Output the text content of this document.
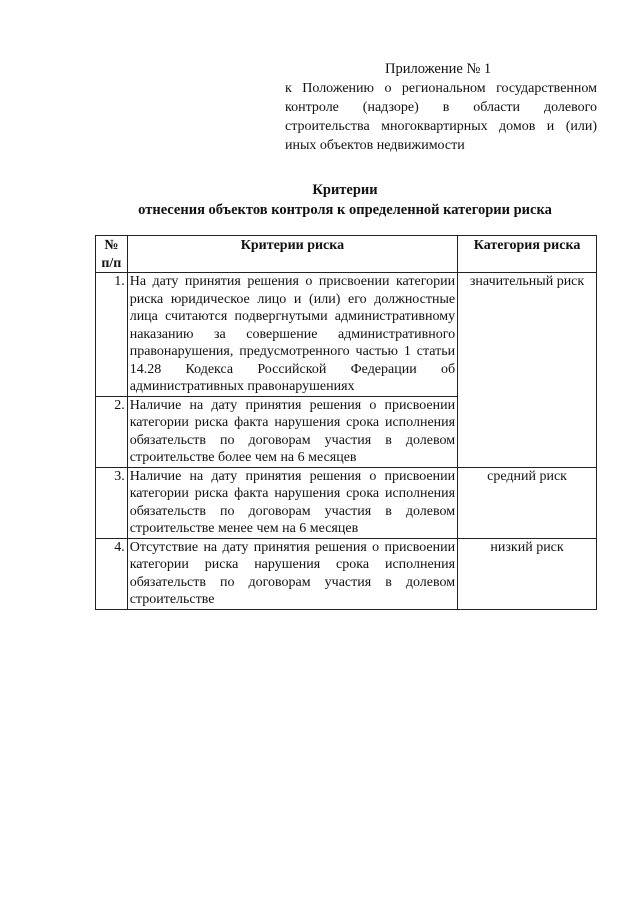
Приложение № 1
к Положению о региональном государственном контроле (надзоре) в области долевого строительства многоквартирных домов и (или) иных объектов недвижимости
Критерии
отнесения объектов контроля к определенной категории риска
№ п/п	Критерии риска	Категория риска
1.	На дату принятия решения о присвоении категории риска юридическое лицо и (или) его должностные лица считаются подвергнутыми административному наказанию за совершение административного правонарушения, предусмотренного частью 1 статьи 14.28 Кодекса Российской Федерации об административных правонарушениях	значительный риск
2.	Наличие на дату принятия решения о присвоении категории риска факта нарушения срока исполнения обязательств по договорам участия в долевом строительстве более чем на 6 месяцев	
3.	Наличие на дату принятия решения о присвоении категории риска факта нарушения срока исполнения обязательств по договорам участия в долевом строительстве менее чем на 6 месяцев	средний риск
4.	Отсутствие на дату принятия решения о присвоении категории риска нарушения срока исполнения обязательств по договорам участия в долевом строительстве	низкий риск
